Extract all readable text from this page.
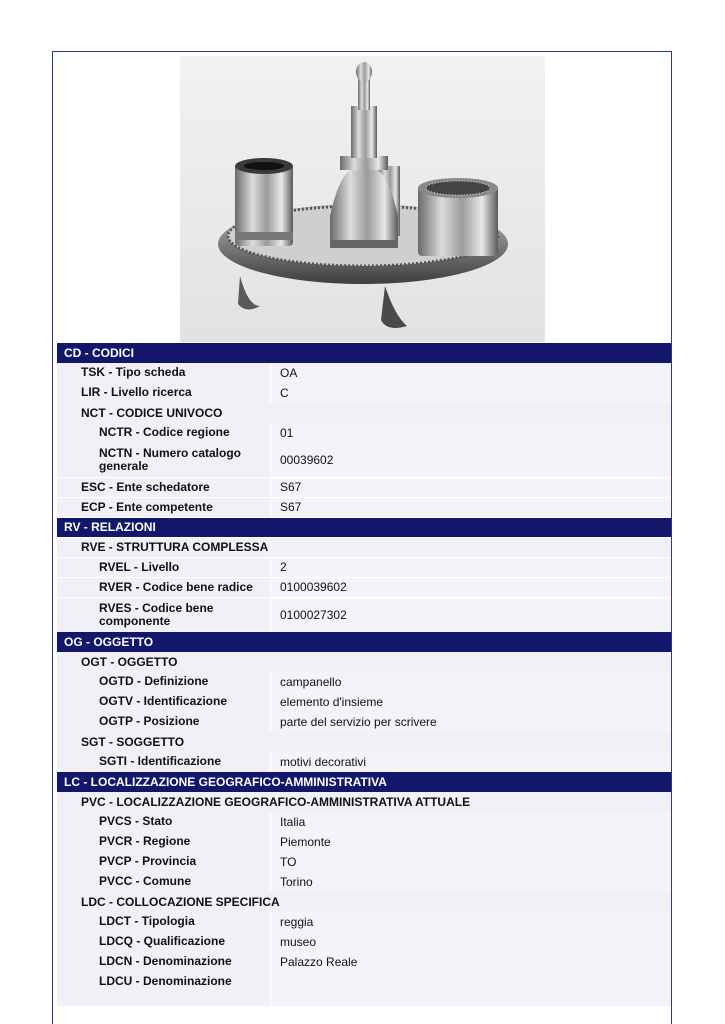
CD - CODICI
TSK - Tipo scheda	OA
LIR - Livello ricerca	C
NCT - CODICE UNIVOCO
NCTR - Codice regione	01
NCTN - Numero catalogo generale	00039602
ESC - Ente schedatore	S67
ECP - Ente competente	S67
RV - RELAZIONI
RVE - STRUTTURA COMPLESSA
RVEL - Livello	2
RVER - Codice bene radice	0100039602
RVES - Codice bene componente	0100027302
OG - OGGETTO
OGT - OGGETTO
OGTD - Definizione	campanello
OGTV - Identificazione	elemento d'insieme
OGTP - Posizione	parte del servizio per scrivere
SGT - SOGGETTO
SGTI - Identificazione	motivi decorativi
LC - LOCALIZZAZIONE GEOGRAFICO-AMMINISTRATIVA
PVC - LOCALIZZAZIONE GEOGRAFICO-AMMINISTRATIVA ATTUALE
PVCS - Stato	Italia
PVCR - Regione	Piemonte
PVCP - Provincia	TO
PVCC - Comune	Torino
LDC - COLLOCAZIONE SPECIFICA
LDCT - Tipologia	reggia
LDCQ - Qualificazione	museo
LDCN - Denominazione	Palazzo Reale
LDCU - Denominazione
